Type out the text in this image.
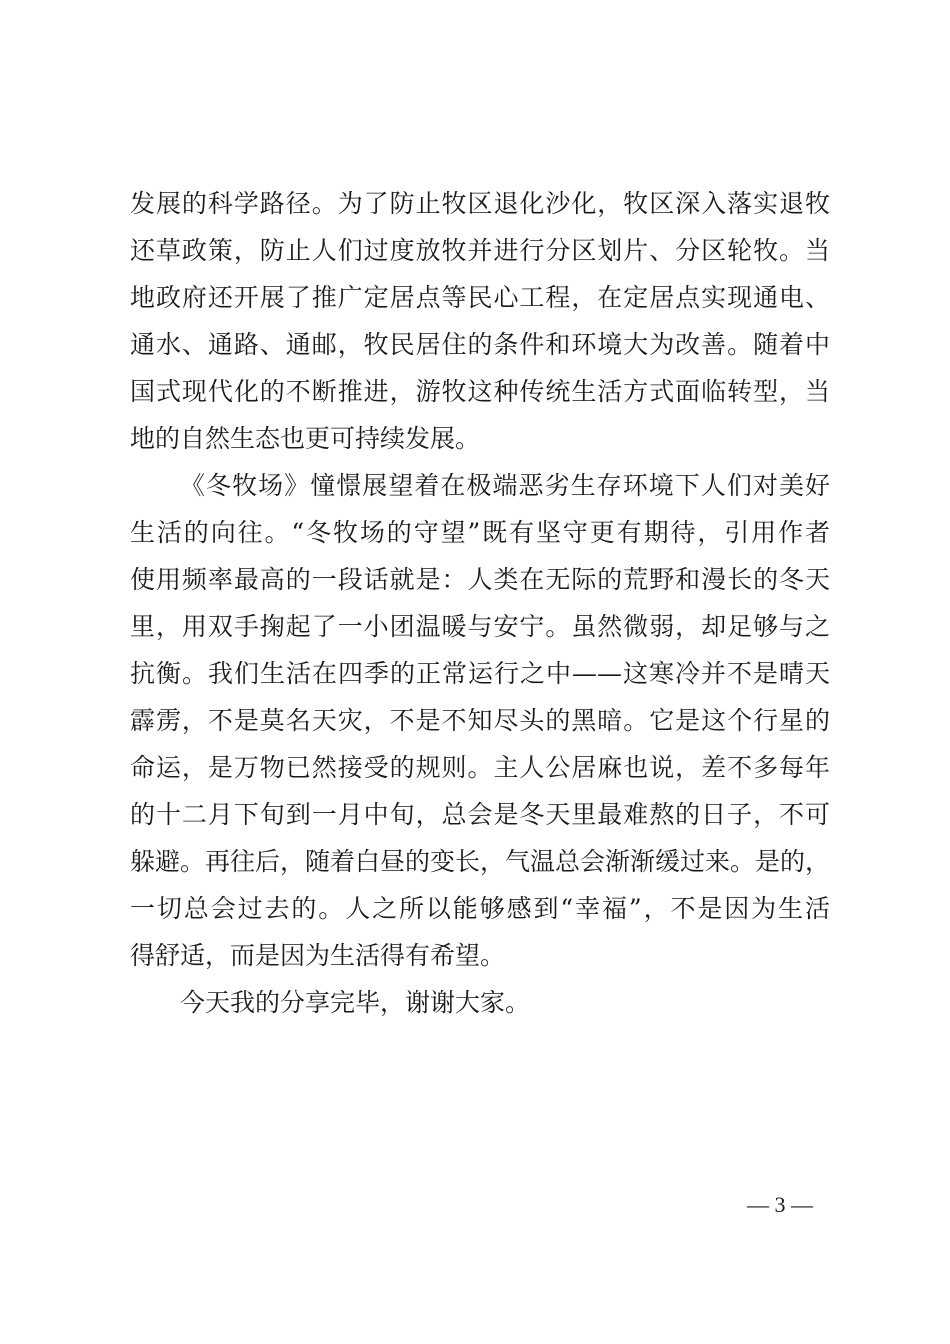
发展的科学路径。为了防止牧区退化沙化，牧区深入落实退牧
还草政策，防止人们过度放牧并进行分区划片、分区轮牧。当
地政府还开展了推广定居点等民心工程，在定居点实现通电、
通水、通路、通邮，牧民居住的条件和环境大为改善。随着中
国式现代化的不断推进，游牧这种传统生活方式面临转型，当
地的自然生态也更可持续发展。
《冬牧场》憧憬展望着在极端恶劣生存环境下人们对美好
生活的向往。“冬牧场的守望”既有坚守更有期待，引用作者
使用频率最高的一段话就是：人类在无际的荒野和漫长的冬天
里，用双手掬起了一小团温暖与安宁。虽然微弱，却足够与之
抗衡。我们生活在四季的正常运行之中——这寒冷并不是晴天
霹雳，不是莫名天灾，不是不知尽头的黑暗。它是这个行星的
命运，是万物已然接受的规则。主人公居麻也说，差不多每年
的十二月下旬到一月中旬，总会是冬天里最难熬的日子，不可
躲避。再往后，随着白昼的变长，气温总会渐渐缓过来。是的，
一切总会过去的。人之所以能够感到“幸福”，不是因为生活
得舒适，而是因为生活得有希望。
今天我的分享完毕，谢谢大家。
— 3 —
